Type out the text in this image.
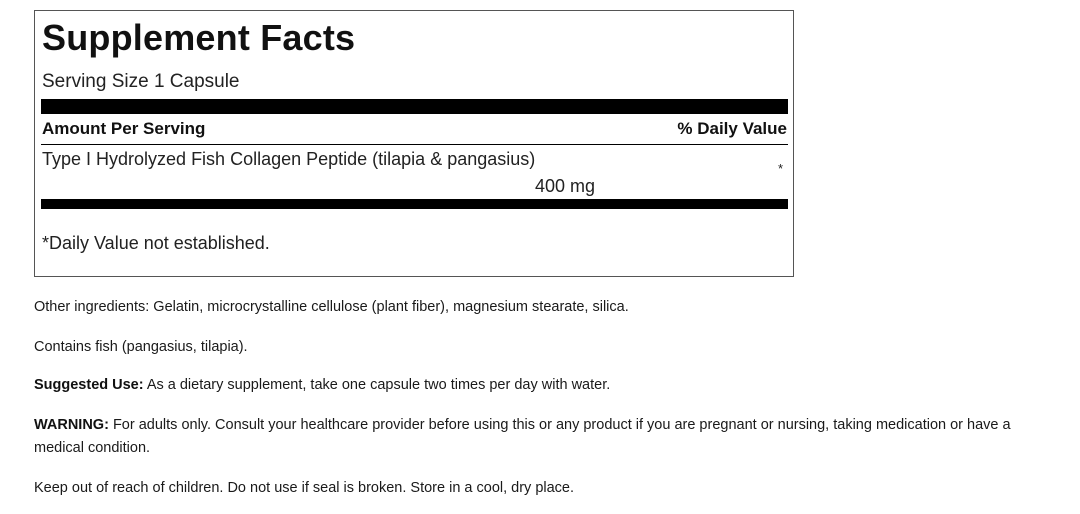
Supplement Facts
Serving Size 1 Capsule
Amount Per Serving	% Daily Value
Type I Hydrolyzed Fish Collagen Peptide (tilapia & pangasius)
400 mg
*
*Daily Value not established.
Other ingredients: Gelatin, microcrystalline cellulose (plant fiber), magnesium stearate, silica.
Contains fish (pangasius, tilapia).
Suggested Use: As a dietary supplement, take one capsule two times per day with water.
WARNING: For adults only. Consult your healthcare provider before using this or any product if you are pregnant or nursing, taking medication or have a medical condition.
Keep out of reach of children. Do not use if seal is broken. Store in a cool, dry place.
